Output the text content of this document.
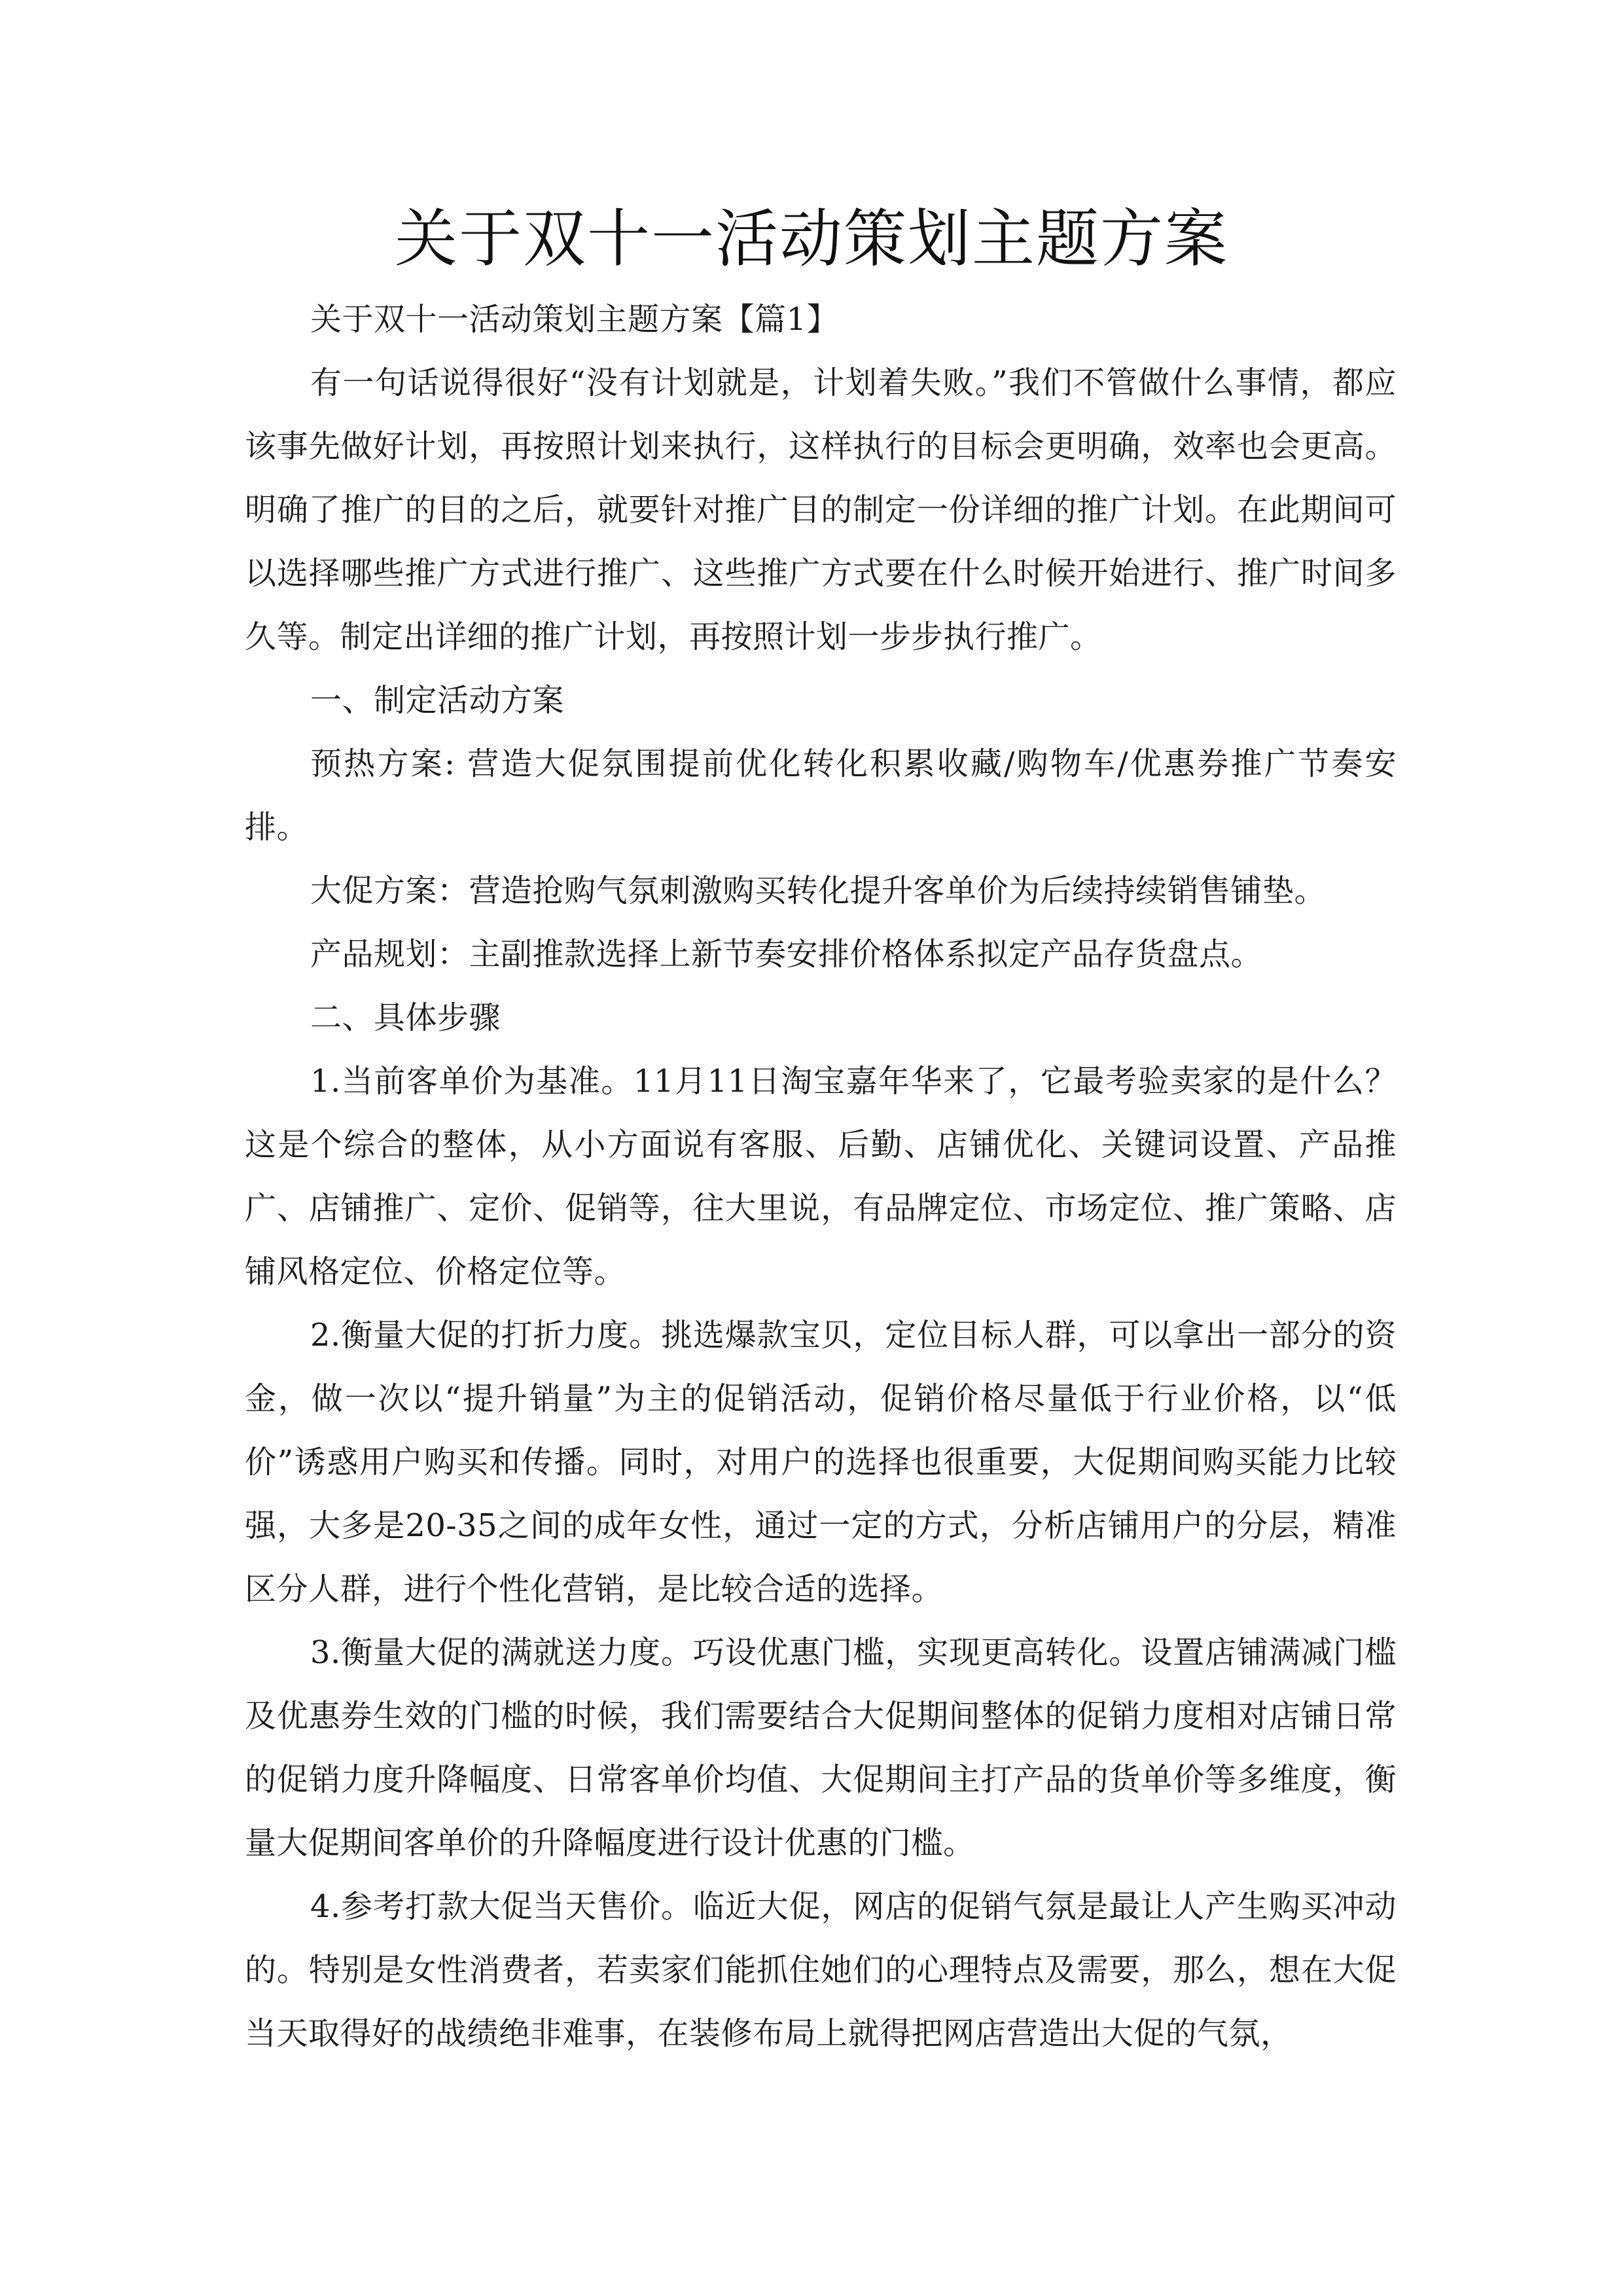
关于双十一活动策划主题方案

关于双十一活动策划主题方案【篇1】

有一句话说得很好“没有计划就是，计划着失败。”我们不管做什么事情，都应该事先做好计划，再按照计划来执行，这样执行的目标会更明确，效率也会更高。明确了推广的目的之后，就要针对推广目的制定一份详细的推广计划。在此期间可以选择哪些推广方式进行推广、这些推广方式要在什么时候开始进行、推广时间多久等。制定出详细的推广计划，再按照计划一步步执行推广。

一、制定活动方案

预热方案: 营造大促氛围提前优化转化积累收藏/购物车/优惠券推广节奏安排。

大促方案：营造抢购气氛刺激购买转化提升客单价为后续持续销售铺垫。

产品规划：主副推款选择上新节奏安排价格体系拟定产品存货盘点。

二、具体步骤

1.当前客单价为基准。11月11日淘宝嘉年华来了，它最考验卖家的是什么？这是个综合的整体，从小方面说有客服、后勤、店铺优化、关键词设置、产品推广、店铺推广、定价、促销等，往大里说，有品牌定位、市场定位、推广策略、店铺风格定位、价格定位等。

2.衡量大促的打折力度。挑选爆款宝贝，定位目标人群，可以拿出一部分的资金，做一次以“提升销量”为主的促销活动，促销价格尽量低于行业价格，以“低价”诱惑用户购买和传播。同时，对用户的选择也很重要，大促期间购买能力比较强，大多是20-35之间的成年女性，通过一定的方式，分析店铺用户的分层，精准区分人群，进行个性化营销，是比较合适的选择。

3.衡量大促的满就送力度。巧设优惠门槛，实现更高转化。设置店铺满减门槛及优惠券生效的门槛的时候，我们需要结合大促期间整体的促销力度相对店铺日常的促销力度升降幅度、日常客单价均值、大促期间主打产品的货单价等多维度，衡量大促期间客单价的升降幅度进行设计优惠的门槛。

4.参考打款大促当天售价。临近大促，网店的促销气氛是最让人产生购买冲动的。特别是女性消费者，若卖家们能抓住她们的心理特点及需要，那么，想在大促当天取得好的战绩绝非难事，在装修布局上就得把网店营造出大促的气氛，
